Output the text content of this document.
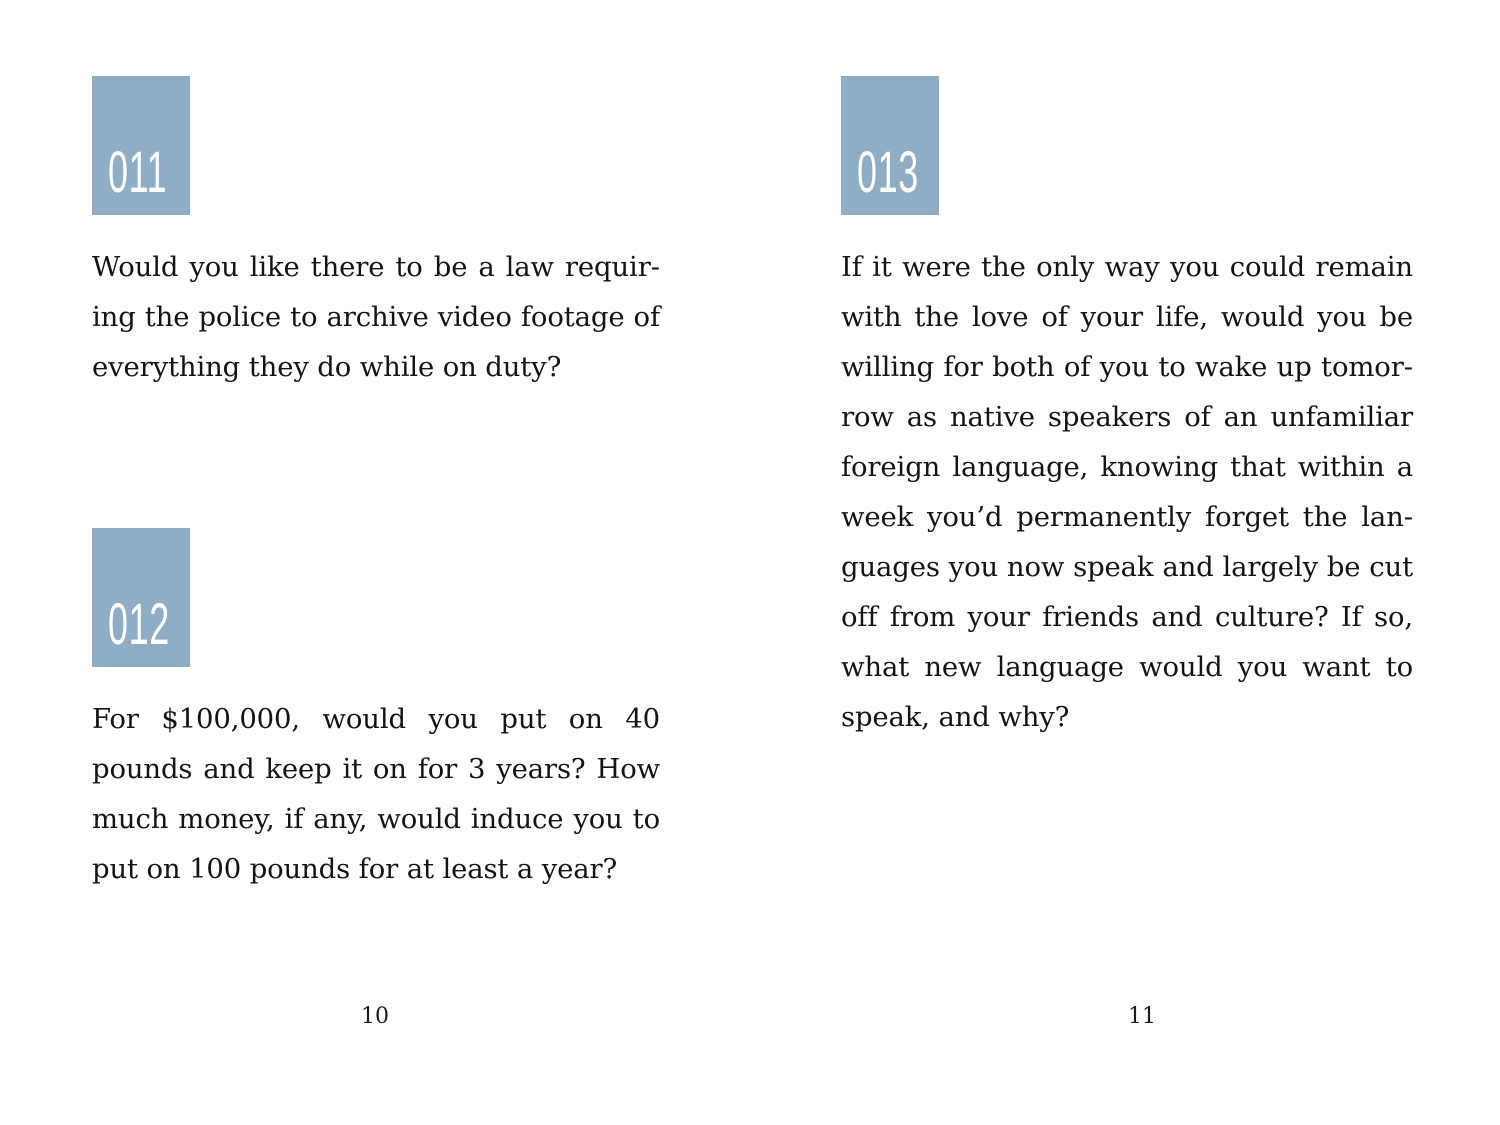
011

Would you like there to be a law requiring the police to archive video footage of everything they do while on duty?

012

For $100,000, would you put on 40 pounds and keep it on for 3 years? How much money, if any, would induce you to put on 100 pounds for at least a year?

10
013

If it were the only way you could remain with the love of your life, would you be willing for both of you to wake up tomorrow as native speakers of an unfamiliar foreign language, knowing that within a week you’d permanently forget the languages you now speak and largely be cut off from your friends and culture? If so, what new language would you want to speak, and why?

11
